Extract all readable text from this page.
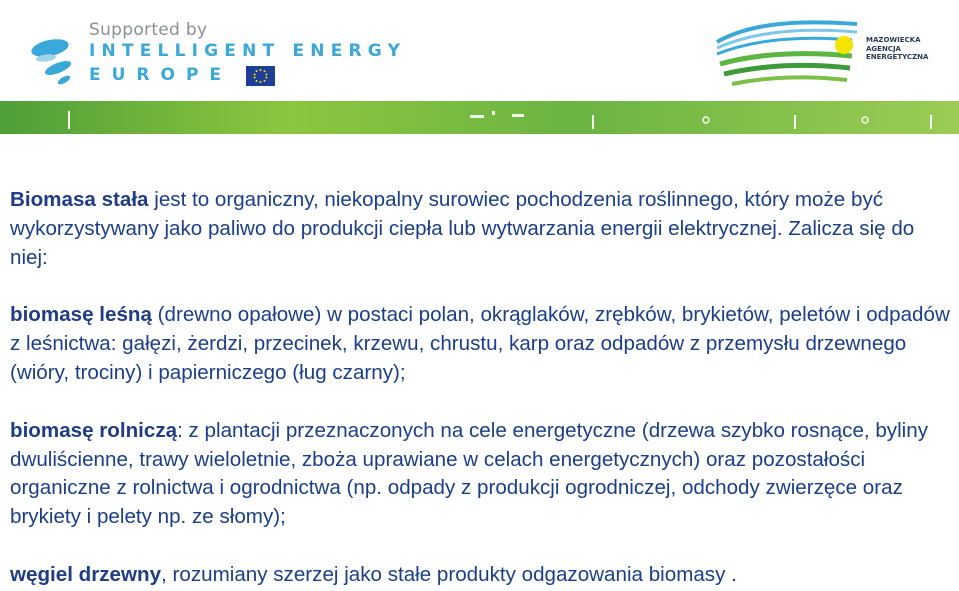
Supported by
INTELLIGENT ENERGY
EUROPE
MAZOWIECKA
AGENCJA
ENERGETYCZNA

Biomasa stała jest to organiczny, niekopalny surowiec pochodzenia roślinnego, który może być wykorzystywany jako paliwo do produkcji ciepła lub wytwarzania energii elektrycznej. Zalicza się do niej:

biomasę leśną (drewno opałowe) w postaci polan, okrąglaków, zrębków, brykietów, peletów i odpadów z leśnictwa: gałęzi, żerdzi, przecinek, krzewu, chrustu, karp oraz odpadów z przemysłu drzewnego (wióry, trociny) i papierniczego (ług czarny);

biomasę rolniczą: z plantacji przeznaczonych na cele energetyczne (drzewa szybko rosnące, byliny dwuliścienne, trawy wieloletnie, zboża uprawiane w celach energetycznych) oraz pozostałości organiczne z rolnictwa i ogrodnictwa (np. odpady z produkcji ogrodniczej, odchody zwierzęce oraz brykiety i pelety np. ze słomy);

węgiel drzewny, rozumiany szerzej jako stałe produkty odgazowania biomasy .
